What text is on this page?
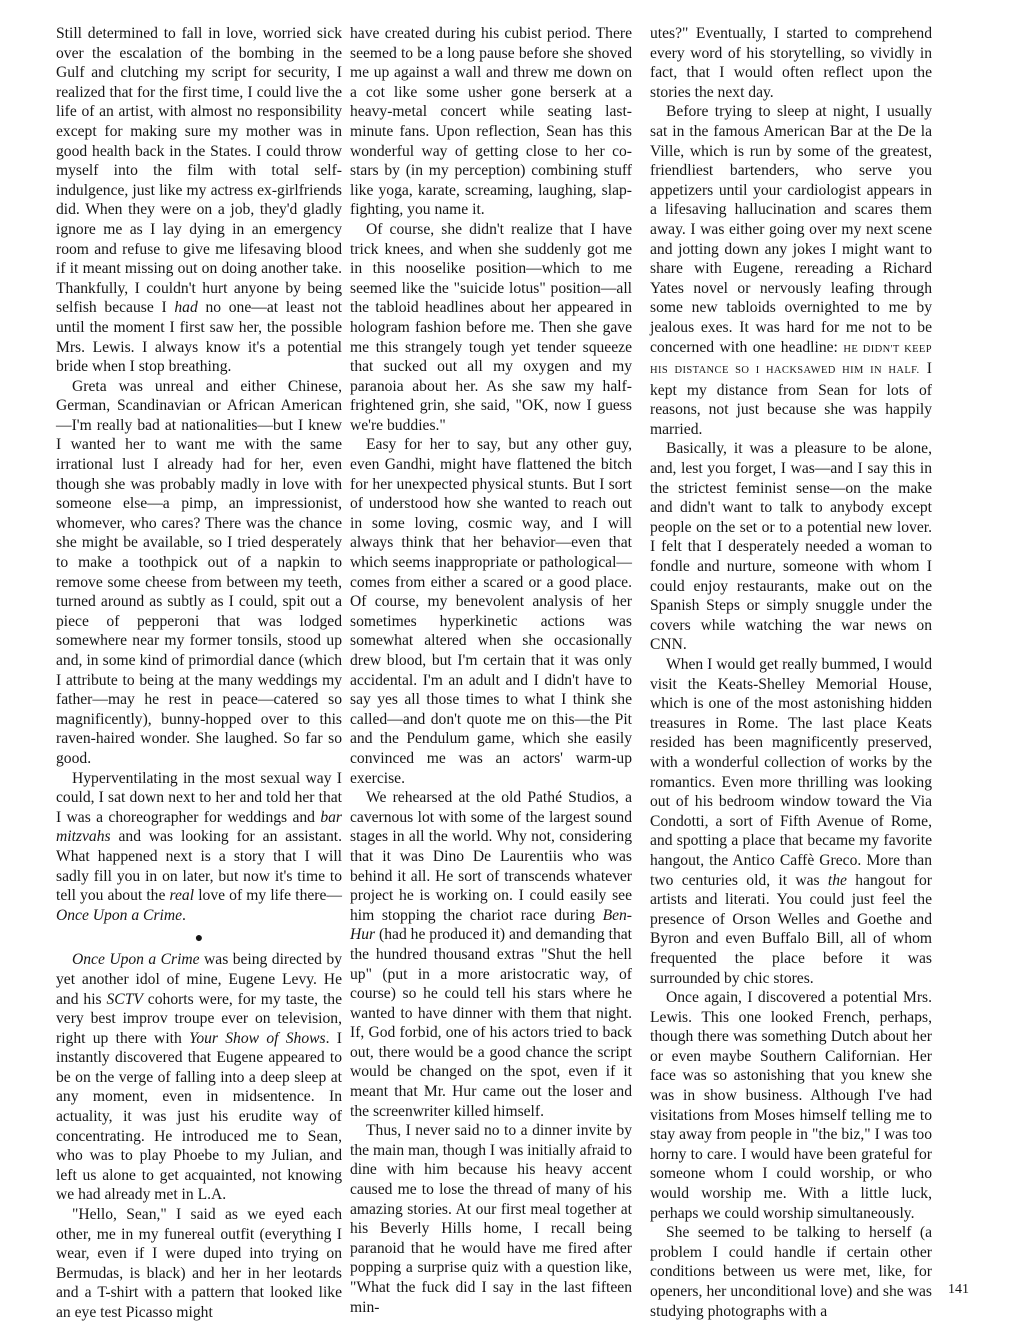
Still determined to fall in love, worried sick over the escalation of the bombing in the Gulf and clutching my script for security, I realized that for the first time, I could live the life of an artist, with almost no responsibility except for making sure my mother was in good health back in the States. I could throw myself into the film with total self-indulgence, just like my actress ex-girlfriends did. When they were on a job, they'd gladly ignore me as I lay dying in an emergency room and refuse to give me lifesaving blood if it meant missing out on doing another take. Thankfully, I couldn't hurt anyone by being selfish because I had no one—at least not until the moment I first saw her, the possible Mrs. Lewis. I always know it's a potential bride when I stop breathing.

Greta was unreal and either Chinese, German, Scandinavian or African American—I'm really bad at nationalities—but I knew I wanted her to want me with the same irrational lust I already had for her, even though she was probably madly in love with someone else—a pimp, an impressionist, whomever, who cares? There was the chance she might be available, so I tried desperately to make a toothpick out of a napkin to remove some cheese from between my teeth, turned around as subtly as I could, spit out a piece of pepperoni that was lodged somewhere near my former tonsils, stood up and, in some kind of primordial dance (which I attribute to being at the many weddings my father—may he rest in peace—catered so magnificently), bunny-hopped over to this raven-haired wonder. She laughed. So far so good.

Hyperventilating in the most sexual way I could, I sat down next to her and told her that I was a choreographer for weddings and bar mitzvahs and was looking for an assistant. What happened next is a story that I will sadly fill you in on later, but now it's time to tell you about the real love of my life there—Once Upon a Crime.

●

Once Upon a Crime was being directed by yet another idol of mine, Eugene Levy. He and his SCTV cohorts were, for my taste, the very best improv troupe ever on television, right up there with Your Show of Shows. I instantly discovered that Eugene appeared to be on the verge of falling into a deep sleep at any moment, even in midsentence. In actuality, it was just his erudite way of concentrating. He introduced me to Sean, who was to play Phoebe to my Julian, and left us alone to get acquainted, not knowing we had already met in L.A.

"Hello, Sean," I said as we eyed each other, me in my funereal outfit (everything I wear, even if I were duped into trying on Bermudas, is black) and her in her leotards and a T-shirt with a pattern that looked like an eye test Picasso might

have created during his cubist period. There seemed to be a long pause before she shoved me up against a wall and threw me down on a cot like some usher gone berserk at a heavy-metal concert while seating last-minute fans. Upon reflection, Sean has this wonderful way of getting close to her co-stars by (in my perception) combining stuff like yoga, karate, screaming, laughing, slap-fighting, you name it.

Of course, she didn't realize that I have trick knees, and when she suddenly got me in this nooselike position—which to me seemed like the "suicide lotus" position—all the tabloid headlines about her appeared in hologram fashion before me. Then she gave me this strangely tough yet tender squeeze that sucked out all my oxygen and my paranoia about her. As she saw my half-frightened grin, she said, "OK, now I guess we're buddies."

Easy for her to say, but any other guy, even Gandhi, might have flattened the bitch for her unexpected physical stunts. But I sort of understood how she wanted to reach out in some loving, cosmic way, and I will always think that her behavior—even that which seems inappropriate or pathological—comes from either a scared or a good place. Of course, my benevolent analysis of her sometimes hyperkinetic actions was somewhat altered when she occasionally drew blood, but I'm certain that it was only accidental. I'm an adult and I didn't have to say yes all those times to what I think she called—and don't quote me on this—the Pit and the Pendulum game, which she easily convinced me was an actors' warm-up exercise.

We rehearsed at the old Pathé Studios, a cavernous lot with some of the largest sound stages in all the world. Why not, considering that it was Dino De Laurentiis who was behind it all. He sort of transcends whatever project he is working on. I could easily see him stopping the chariot race during Ben-Hur (had he produced it) and demanding that the hundred thousand extras "Shut the hell up" (put in a more aristocratic way, of course) so he could tell his stars where he wanted to have dinner with them that night. If, God forbid, one of his actors tried to back out, there would be a good chance the script would be changed on the spot, even if it meant that Mr. Hur came out the loser and the screenwriter killed himself.

Thus, I never said no to a dinner invite by the main man, though I was initially afraid to dine with him because his heavy accent caused me to lose the thread of many of his amazing stories. At our first meal together at his Beverly Hills home, I recall being paranoid that he would have me fired after popping a surprise quiz with a question like, "What the fuck did I say in the last fifteen min-

utes?" Eventually, I started to comprehend every word of his storytelling, so vividly in fact, that I would often reflect upon the stories the next day.

Before trying to sleep at night, I usually sat in the famous American Bar at the De la Ville, which is run by some of the greatest, friendliest bartenders, who serve you appetizers until your cardiologist appears in a lifesaving hallucination and scares them away. I was either going over my next scene and jotting down any jokes I might want to share with Eugene, rereading a Richard Yates novel or nervously leafing through some new tabloids overnighted to me by jealous exes. It was hard for me not to be concerned with one headline: HE DIDN'T KEEP HIS DISTANCE SO I HACKSAWED HIM IN HALF. I kept my distance from Sean for lots of reasons, not just because she was happily married.

Basically, it was a pleasure to be alone, and, lest you forget, I was—and I say this in the strictest feminist sense—on the make and didn't want to talk to anybody except people on the set or to a potential new lover. I felt that I desperately needed a woman to fondle and nurture, someone with whom I could enjoy restaurants, make out on the Spanish Steps or simply snuggle under the covers while watching the war news on CNN.

When I would get really bummed, I would visit the Keats-Shelley Memorial House, which is one of the most astonishing hidden treasures in Rome. The last place Keats resided has been magnificently preserved, with a wonderful collection of works by the romantics. Even more thrilling was looking out of his bedroom window toward the Via Condotti, a sort of Fifth Avenue of Rome, and spotting a place that became my favorite hangout, the Antico Caffè Greco. More than two centuries old, it was the hangout for artists and literati. You could just feel the presence of Orson Welles and Goethe and Byron and even Buffalo Bill, all of whom frequented the place before it was surrounded by chic stores.

Once again, I discovered a potential Mrs. Lewis. This one looked French, perhaps, though there was something Dutch about her or even maybe Southern Californian. Her face was so astonishing that you knew she was in show business. Although I've had visitations from Moses himself telling me to stay away from people in "the biz," I was too horny to care. I would have been grateful for someone whom I could worship, or who would worship me. With a little luck, perhaps we could worship simultaneously.

She seemed to be talking to herself (a problem I could handle if certain other conditions between us were met, like, for openers, her unconditional love) and she was studying photographs with a

141
